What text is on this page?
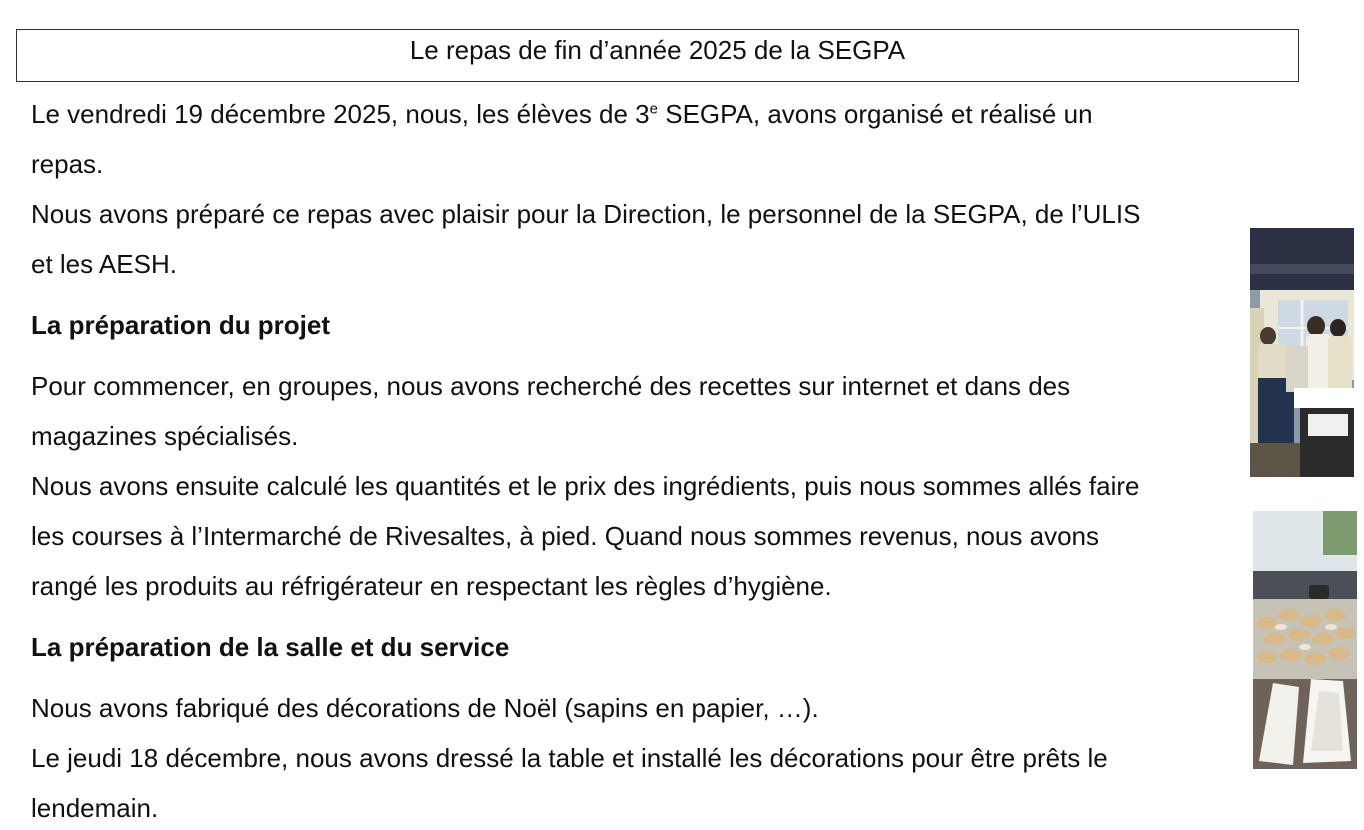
Le repas de fin d’année 2025 de la SEGPA
Le vendredi 19 décembre 2025, nous, les élèves de 3e SEGPA, avons organisé et réalisé un
repas.
Nous avons préparé ce repas avec plaisir pour la Direction, le personnel de la SEGPA, de l’ULIS
et les AESH.
La préparation du projet
Pour commencer, en groupes, nous avons recherché des recettes sur internet et dans des
magazines spécialisés.
Nous avons ensuite calculé les quantités et le prix des ingrédients, puis nous sommes allés faire
les courses à l’Intermarché de Rivesaltes, à pied. Quand nous sommes revenus, nous avons
rangé les produits au réfrigérateur en respectant les règles d’hygiène.
La préparation de la salle et du service
Nous avons fabriqué des décorations de Noël (sapins en papier, …).
Le jeudi 18 décembre, nous avons dressé la table et installé les décorations pour être prêts le
lendemain.
